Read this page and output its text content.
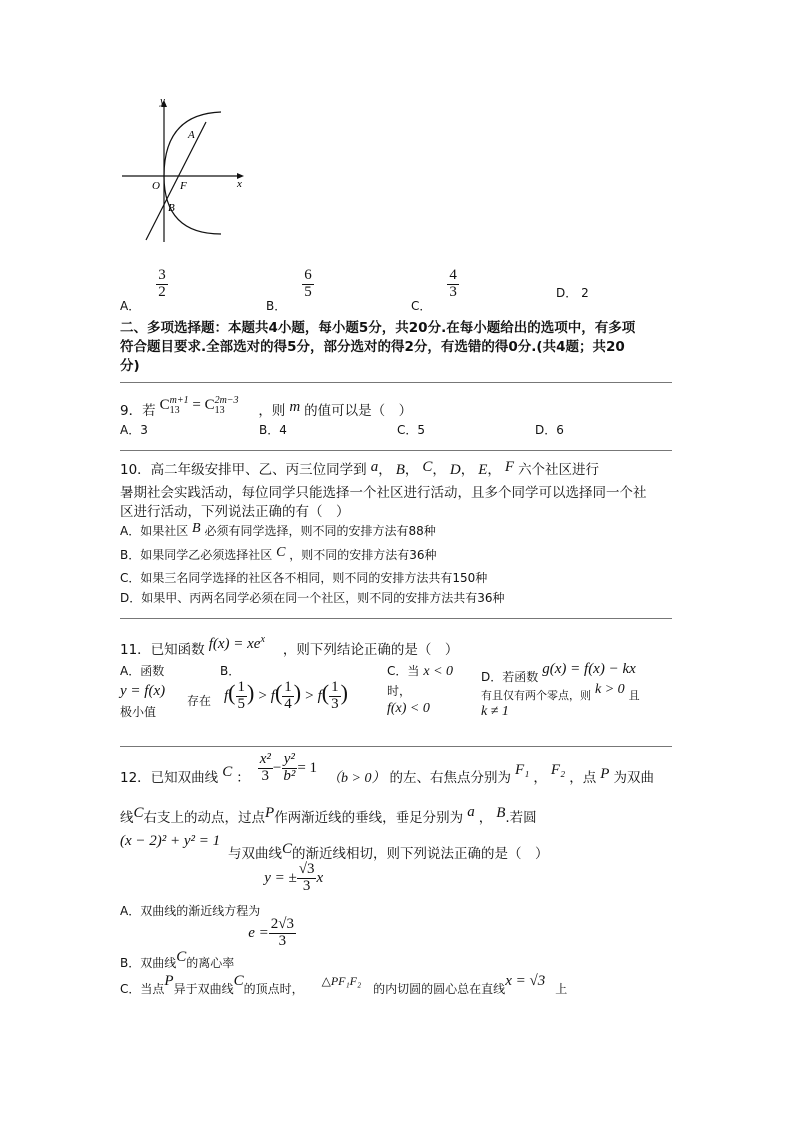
y
x
O
A
F
B
$_{A.}$
$\frac{3}{2}$
$_{B.}$
$\frac{6}{5}$
$_{C.}$
$\frac{4}{3}$	D． 2
二、多项选择题：本题共4小题，每小题5分，共20分.在每小题给出的选项中，有多项
符合题目要求.全部选对的得5分，部分选对的得2分，有选错的得0分.(共4题；共20
分)
$_{9.若}$ C m+1
13 = C 2m−3
13	$_{,则}$ m $_{的值可以是( )}$
A．3	B．4	C．5	D．6
10．高二年级安排甲、乙、丙三位同学到 a， B， C， D， E， F 六个社区进行
暑期社会实践活动，每位同学只能选择一个社区进行活动，且多个同学可以选择同一个社
区进行活动，下列说法正确的有（　）
A．如果社区 B 必须有同学选择，则不同的安排方法有88种
B．如果同学乙必须选择社区 C ，则不同的安排方法有36种
C．如果三名同学选择的社区各不相同，则不同的安排方法共有150种
D．如果甲、丙两名同学必须在同一个社区，则不同的安排方法共有36种
$_{11.已知函数}$ $f(x) = xe^x$ $_{,则下列结论正确的是( )}$
A．函数
y = f(x)
极小值
存在
B．
$f( \frac{1}{5}$ ) > $f( \frac{1}{4}$ ) > $f( \frac{1}{3}$ )
C．当 x < 0
时，
f(x) < 0
$_{D.若函数}$ g(x) = f(x) − kx
有且仅有两个零点，则 k > 0 且
k ≠ 1
$_{12.已知双曲线}$ C $_: \frac{\text{x²}}{3} - \frac{\text{y²}}{\text{b²}} = 1$ （b > 0） $_{的左、右焦点分别为}$ F₁ $_,$ F₂ $_{,点}$ P $_{为双曲}$
线C右支上的动点，过点P作两渐近线的垂线，垂足分别为 a ， B.若圆
(x − 2)² + y² = 1
与双曲线C的渐近线相切，则下列说法正确的是（　）
$_{A.双曲线的渐近线方程为}$ y = ± $\frac{√3}{3}$ x
$_{B.双曲线}C_{的离心率}$ $e = \frac{2√3}{3}$
$_{C.当点}P_{异于双曲线}C_{的顶点时,}$ △PF₁F₂ $_{的内切圆的圆心总在直线}$x = √3 $_上$
